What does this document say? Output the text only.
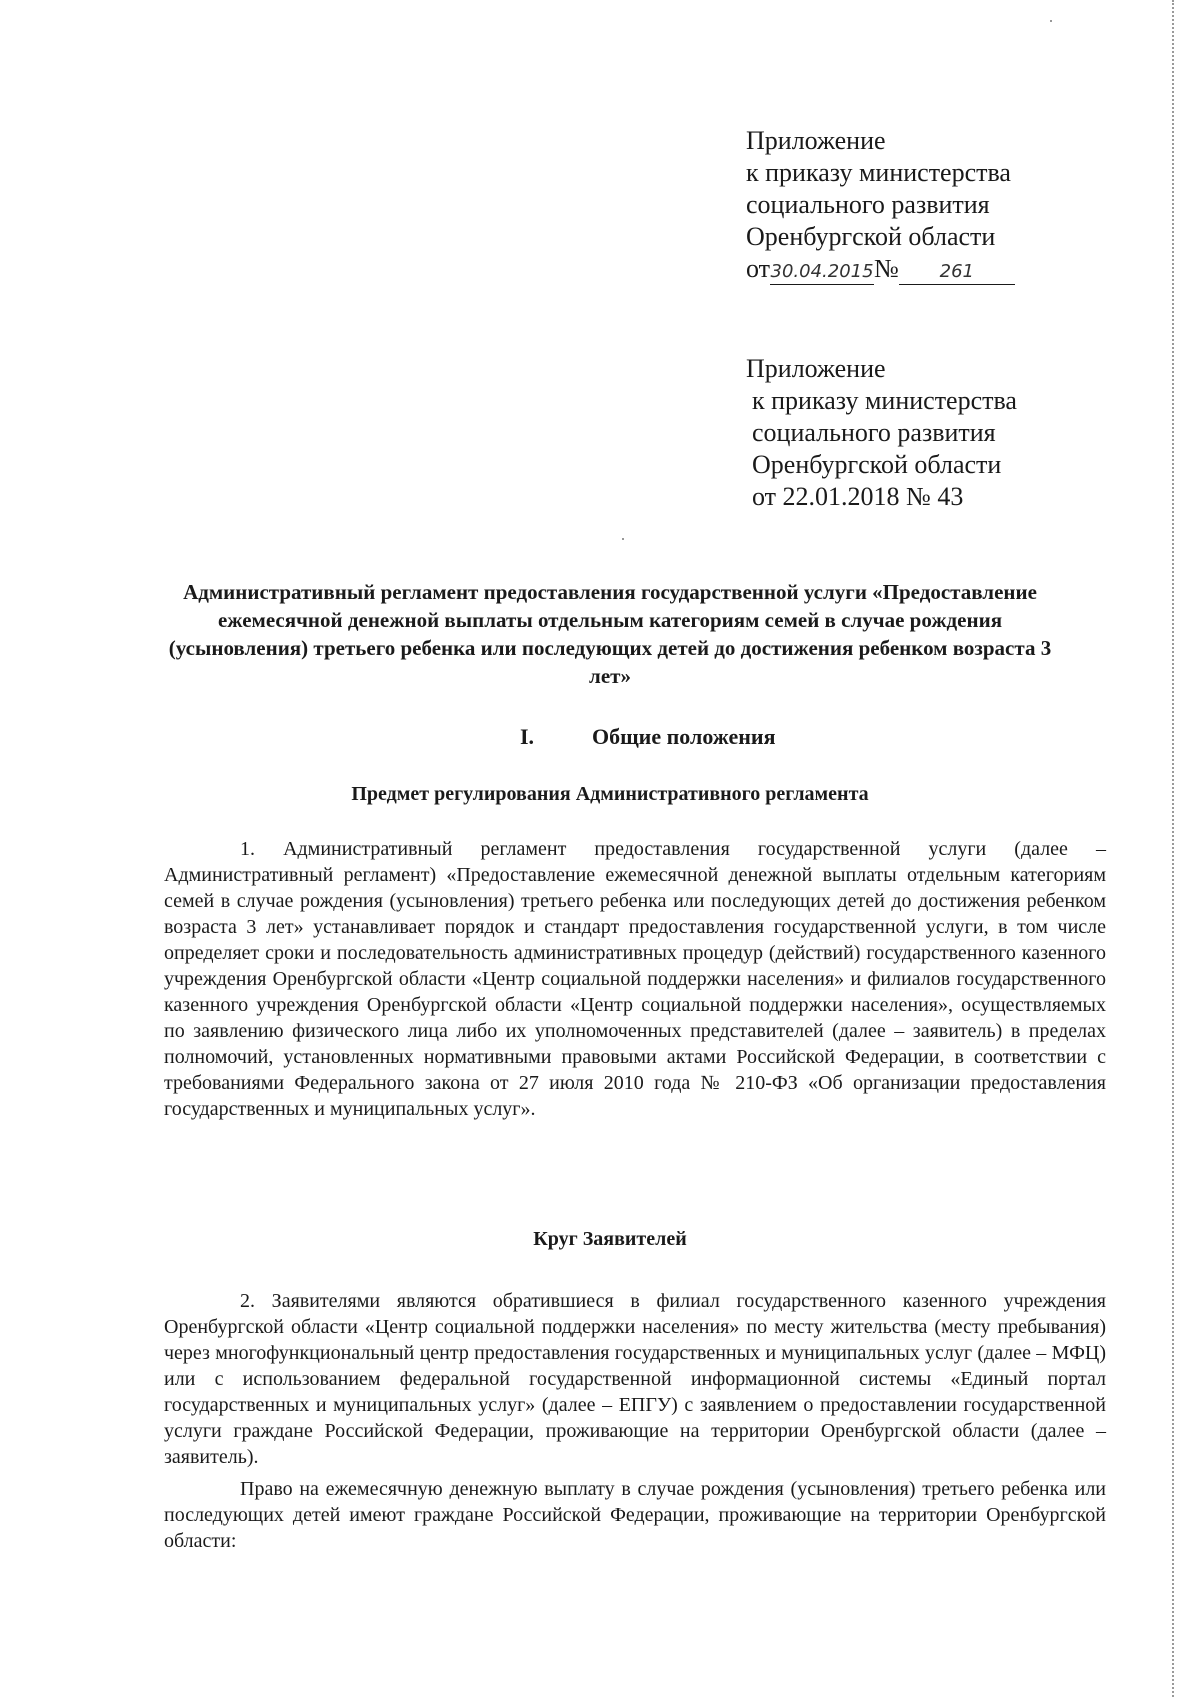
Приложение
к приказу министерства
социального развития
Оренбургской области
от30.04.2015№ 261
Приложение
к приказу министерства
социального развития
Оренбургской области
от 22.01.2018 № 43
Административный регламент предоставления государственной услуги «Предоставление ежемесячной денежной выплаты отдельным категориям семей в случае рождения (усыновления) третьего ребенка или последующих детей до достижения ребенком возраста 3 лет»
I.	Общие положения
Предмет регулирования Административного регламента
1. Административный регламент предоставления государственной услуги (далее – Административный регламент) «Предоставление ежемесячной денежной выплаты отдельным категориям семей в случае рождения (усыновления) третьего ребенка или последующих детей до достижения ребенком возраста 3 лет» устанавливает порядок и стандарт предоставления государственной услуги, в том числе определяет сроки и последовательность административных процедур (действий) государственного казенного учреждения Оренбургской области «Центр социальной поддержки населения» и филиалов государственного казенного учреждения Оренбургской области «Центр социальной поддержки населения», осуществляемых по заявлению физического лица либо их уполномоченных представителей (далее – заявитель) в пределах полномочий, установленных нормативными правовыми актами Российской Федерации, в соответствии с требованиями Федерального закона от 27 июля 2010 года № 210-ФЗ «Об организации предоставления государственных и муниципальных услуг».
Круг Заявителей
2. Заявителями являются обратившиеся в филиал государственного казенного учреждения Оренбургской области «Центр социальной поддержки населения» по месту жительства (месту пребывания) через многофункциональный центр предоставления государственных и муниципальных услуг (далее – МФЦ) или с использованием федеральной государственной информационной системы «Единый портал государственных и муниципальных услуг» (далее – ЕПГУ) с заявлением о предоставлении государственной услуги граждане Российской Федерации, проживающие на территории Оренбургской области (далее – заявитель).
Право на ежемесячную денежную выплату в случае рождения (усыновления) третьего ребенка или последующих детей имеют граждане Российской Федерации, проживающие на территории Оренбургской области:
